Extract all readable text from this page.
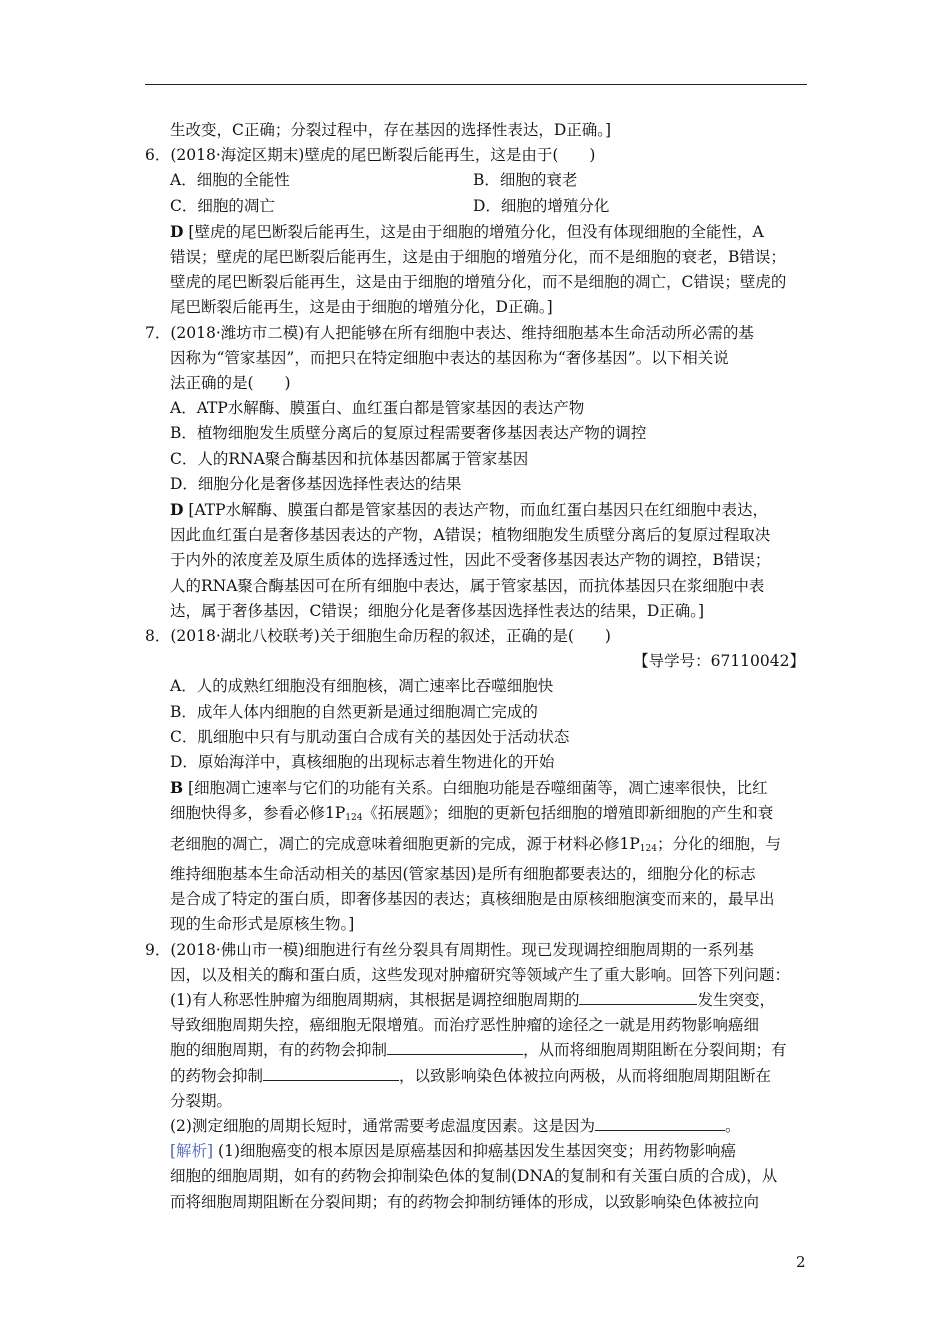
生改变，C正确；分裂过程中，存在基因的选择性表达，D正确。]

6．(2018·海淀区期末)壁虎的尾巴断裂后能再生，这是由于(　　)

A．细胞的全能性	B．细胞的衰老
C．细胞的凋亡	D．细胞的增殖分化

D [壁虎的尾巴断裂后能再生，这是由于细胞的增殖分化，但没有体现细胞的全能性，A

错误；壁虎的尾巴断裂后能再生，这是由于细胞的增殖分化，而不是细胞的衰老，B错误；

壁虎的尾巴断裂后能再生，这是由于细胞的增殖分化，而不是细胞的凋亡，C错误；壁虎的

尾巴断裂后能再生，这是由于细胞的增殖分化，D正确。]

7．(2018·潍坊市二模)有人把能够在所有细胞中表达、维持细胞基本生命活动所必需的基

因称为“管家基因”，而把只在特定细胞中表达的基因称为“奢侈基因”。以下相关说

法正确的是(　　)

A．ATP水解酶、膜蛋白、血红蛋白都是管家基因的表达产物

B．植物细胞发生质壁分离后的复原过程需要奢侈基因表达产物的调控

C．人的RNA聚合酶基因和抗体基因都属于管家基因

D．细胞分化是奢侈基因选择性表达的结果

D [ATP水解酶、膜蛋白都是管家基因的表达产物，而血红蛋白基因只在红细胞中表达，

因此血红蛋白是奢侈基因表达的产物，A错误；植物细胞发生质壁分离后的复原过程取决

于内外的浓度差及原生质体的选择透过性，因此不受奢侈基因表达产物的调控，B错误；

人的RNA聚合酶基因可在所有细胞中表达，属于管家基因，而抗体基因只在浆细胞中表

达，属于奢侈基因，C错误；细胞分化是奢侈基因选择性表达的结果，D正确。]

8．(2018·湖北八校联考)关于细胞生命历程的叙述，正确的是(　　)

【导学号：67110042】

A．人的成熟红细胞没有细胞核，凋亡速率比吞噬细胞快

B．成年人体内细胞的自然更新是通过细胞凋亡完成的

C．肌细胞中只有与肌动蛋白合成有关的基因处于活动状态

D．原始海洋中，真核细胞的出现标志着生物进化的开始

B [细胞凋亡速率与它们的功能有关系。白细胞功能是吞噬细菌等，凋亡速率很快，比红

细胞快得多，参看必修$1P_{124}$《拓展题》；细胞的更新包括细胞的增殖即新细胞的产生和衰

老细胞的凋亡，凋亡的完成意味着细胞更新的完成，源于材料必修$1P_{124}$；分化的细胞，与

维持细胞基本生命活动相关的基因(管家基因)是所有细胞都要表达的，细胞分化的标志

是合成了特定的蛋白质，即奢侈基因的表达；真核细胞是由原核细胞演变而来的，最早出

现的生命形式是原核生物。]

9．(2018·佛山市一模)细胞进行有丝分裂具有周期性。现已发现调控细胞周期的一系列基

因，以及相关的酶和蛋白质，这些发现对肿瘤研究等领域产生了重大影响。回答下列问题：

(1)有人称恶性肿瘤为细胞周期病，其根据是调控细胞周期的	发生突变，

导致细胞周期失控，癌细胞无限增殖。而治疗恶性肿瘤的途径之一就是用药物影响癌细

胞的细胞周期，有的药物会抑制	，从而将细胞周期阻断在分裂间期；有

的药物会抑制	，以致影响染色体被拉向两极，从而将细胞周期阻断在

分裂期。

(2)测定细胞的周期长短时，通常需要考虑温度因素。这是因为	。

[解析] (1)细胞癌变的根本原因是原癌基因和抑癌基因发生基因突变；用药物影响癌

细胞的细胞周期，如有的药物会抑制染色体的复制(DNA的复制和有关蛋白质的合成)，从

而将细胞周期阻断在分裂间期；有的药物会抑制纺锤体的形成，以致影响染色体被拉向

2
